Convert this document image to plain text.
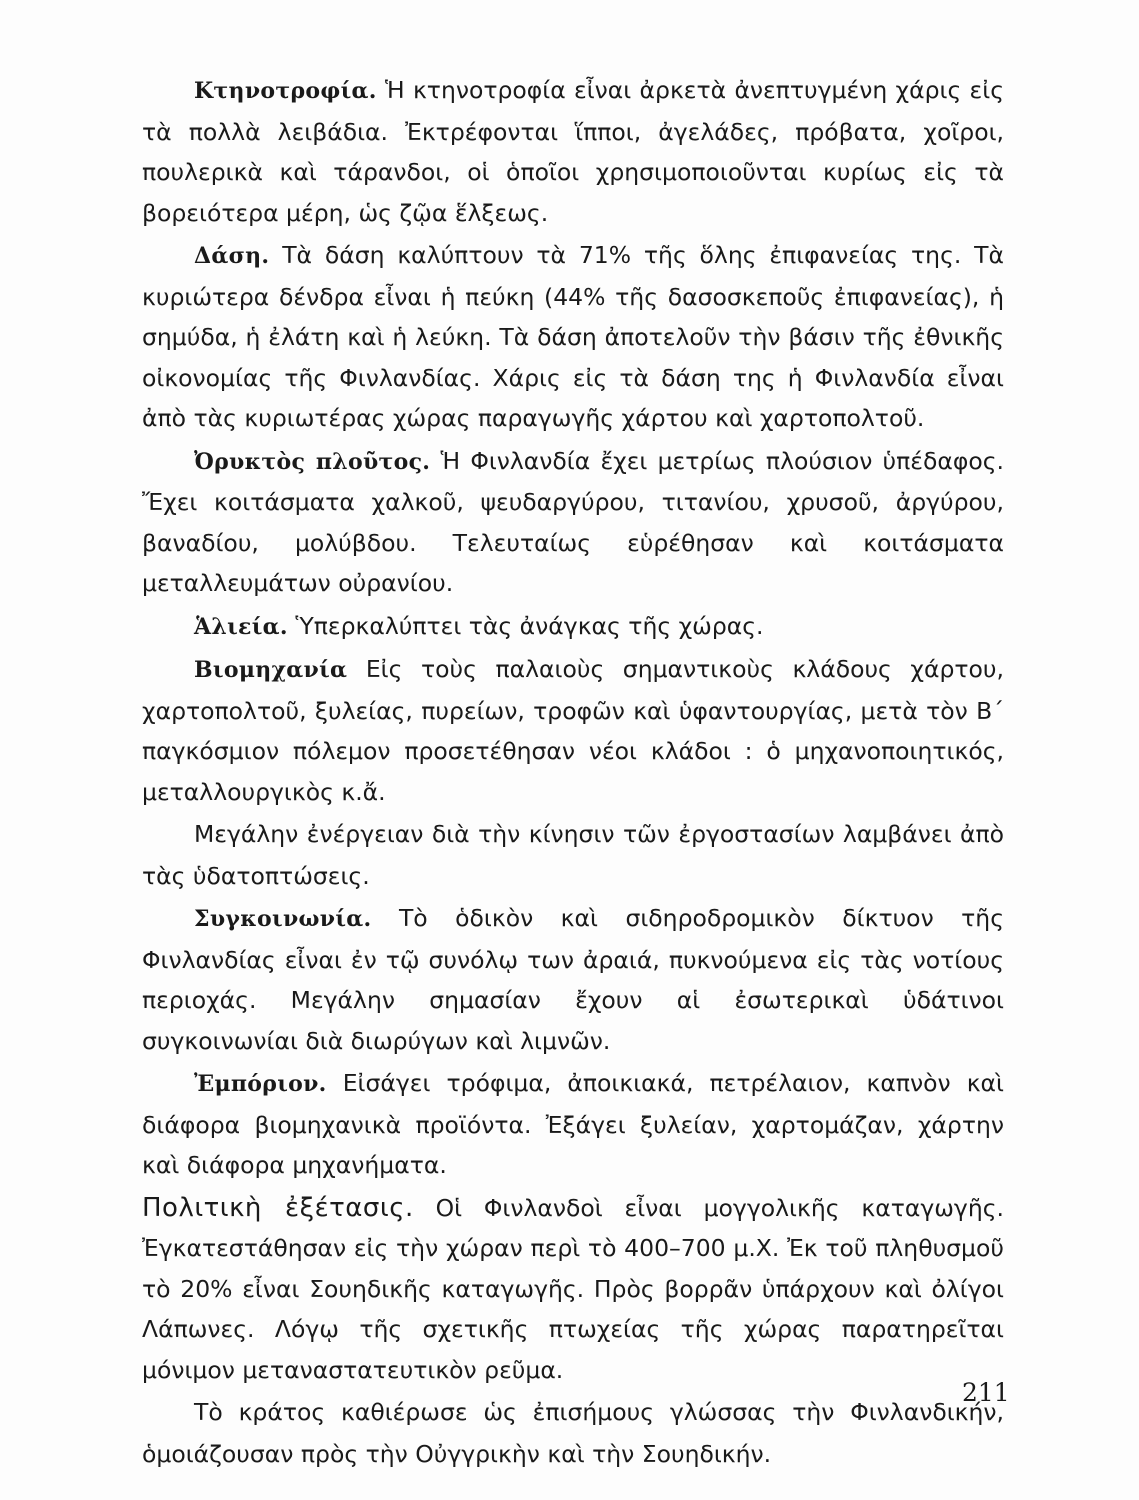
Κτηνοτροφία. Ἡ κτηνοτροφία εἶναι ἀρκετὰ ἀνεπτυγμένη χάρις εἰς τὰ πολλὰ λειβάδια. Ἐκτρέφονται ἵπποι, ἀγελάδες, πρόβατα, χοῖροι, πουλερικὰ καὶ τάρανδοι, οἱ ὁποῖοι χρησιμοποιοῦνται κυρίως εἰς τὰ βορειότερα μέρη, ὡς ζῷα ἕλξεως.

Δάση. Τὰ δάση καλύπτουν τὰ 71% τῆς ὅλης ἐπιφανείας της. Τὰ κυριώτερα δένδρα εἶναι ἡ πεύκη (44% τῆς δασοσκεποῦς ἐπιφανείας), ἡ σημύδα, ἡ ἐλάτη καὶ ἡ λεύκη. Τὰ δάση ἀποτελοῦν τὴν βάσιν τῆς ἐθνικῆς οἰκονομίας τῆς Φινλανδίας. Χάρις εἰς τὰ δάση της ἡ Φινλανδία εἶναι ἀπὸ τὰς κυριωτέρας χώρας παραγωγῆς χάρτου καὶ χαρτοπολτοῦ.

Ὀρυκτὸς πλοῦτος. Ἡ Φινλανδία ἔχει μετρίως πλούσιον ὑπέδαφος. Ἔχει κοιτάσματα χαλκοῦ, ψευδαργύρου, τιτανίου, χρυσοῦ, ἀργύρου, βαναδίου, μολύβδου. Τελευταίως εὑρέθησαν καὶ κοιτάσματα μεταλλευμάτων οὐρανίου.

Ἁλιεία. Ὑπερκαλύπτει τὰς ἀνάγκας τῆς χώρας.

Βιομηχανία Εἰς τοὺς παλαιοὺς σημαντικοὺς κλάδους χάρτου, χαρτοπολτοῦ, ξυλείας, πυρείων, τροφῶν καὶ ὑφαντουργίας, μετὰ τὸν Β΄ παγκόσμιον πόλεμον προσετέθησαν νέοι κλάδοι : ὁ μηχανοποιητικός, μεταλλουργικὸς κ.ἄ.

Μεγάλην ἐνέργειαν διὰ τὴν κίνησιν τῶν ἐργοστασίων λαμβάνει ἀπὸ τὰς ὑδατοπτώσεις.

Συγκοινωνία. Τὸ ὁδικὸν καὶ σιδηροδρομικὸν δίκτυον τῆς Φινλανδίας εἶναι ἐν τῷ συνόλῳ των ἀραιά, πυκνούμενα εἰς τὰς νοτίους περιοχάς. Μεγάλην σημασίαν ἔχουν αἱ ἐσωτερικαὶ ὑδάτινοι συγκοινωνίαι διὰ διωρύγων καὶ λιμνῶν.

Ἐμπόριον. Εἰσάγει τρόφιμα, ἀποικιακά, πετρέλαιον, καπνὸν καὶ διάφορα βιομηχανικὰ προϊόντα. Ἐξάγει ξυλείαν, χαρτομάζαν, χάρτην καὶ διάφορα μηχανήματα.

Πολιτικὴ ἐξέτασις. Οἱ Φινλανδοὶ εἶναι μογγολικῆς καταγωγῆς. Ἐγκατεστάθησαν εἰς τὴν χώραν περὶ τὸ 400–700 μ.Χ. Ἐκ τοῦ πληθυσμοῦ τὸ 20% εἶναι Σουηδικῆς καταγωγῆς. Πρὸς βορρᾶν ὑπάρχουν καὶ ὀλίγοι Λάπωνες. Λόγῳ τῆς σχετικῆς πτωχείας τῆς χώρας παρατηρεῖται μόνιμον μεταναστατευτικὸν ρεῦμα.

Τὸ κράτος καθιέρωσε ὡς ἐπισήμους γλώσσας τὴν Φινλανδικήν, ὁμοιάζουσαν πρὸς τὴν Οὐγγρικὴν καὶ τὴν Σουηδικήν.

211
